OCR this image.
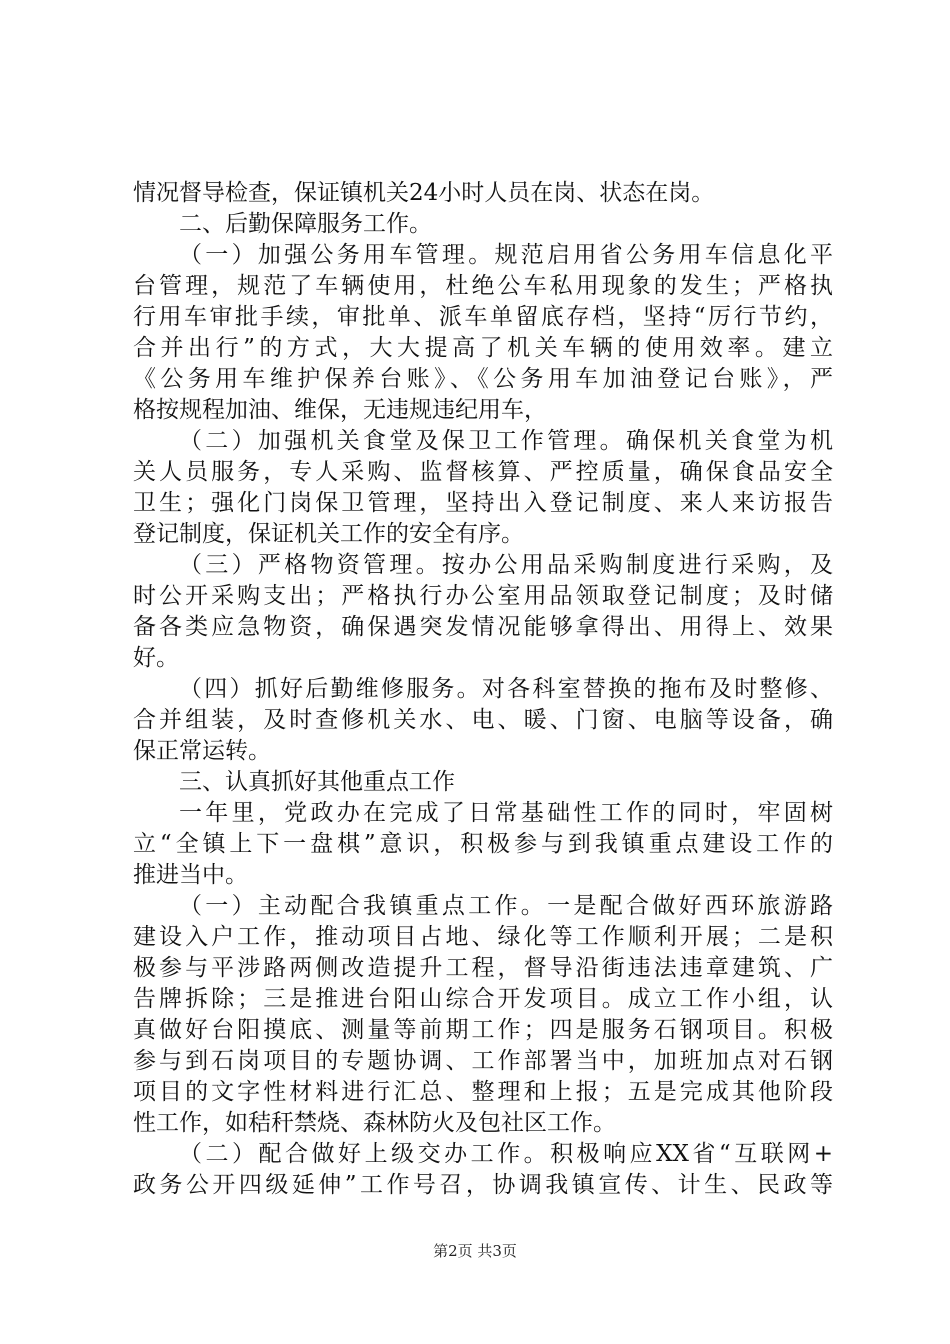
情况督导检查，保证镇机关24小时人员在岗、状态在岗。
二、后勤保障服务工作。
（一）加强公务用车管理。规范启用省公务用车信息化平
台管理，规范了车辆使用，杜绝公车私用现象的发生；严格执
行用车审批手续，审批单、派车单留底存档，坚持“厉行节约，
合并出行”的方式，大大提高了机关车辆的使用效率。建立
《公务用车维护保养台账》、《公务用车加油登记台账》，严
格按规程加油、维保，无违规违纪用车，
（二）加强机关食堂及保卫工作管理。确保机关食堂为机
关人员服务，专人采购、监督核算、严控质量，确保食品安全
卫生；强化门岗保卫管理，坚持出入登记制度、来人来访报告
登记制度，保证机关工作的安全有序。
（三）严格物资管理。按办公用品采购制度进行采购，及
时公开采购支出；严格执行办公室用品领取登记制度；及时储
备各类应急物资，确保遇突发情况能够拿得出、用得上、效果
好。
（四）抓好后勤维修服务。对各科室替换的拖布及时整修、
合并组装，及时查修机关水、电、暖、门窗、电脑等设备，确
保正常运转。
三、认真抓好其他重点工作
一年里，党政办在完成了日常基础性工作的同时，牢固树
立“全镇上下一盘棋”意识，积极参与到我镇重点建设工作的
推进当中。
（一）主动配合我镇重点工作。一是配合做好西环旅游路
建设入户工作，推动项目占地、绿化等工作顺利开展；二是积
极参与平涉路两侧改造提升工程，督导沿街违法违章建筑、广
告牌拆除；三是推进台阳山综合开发项目。成立工作小组，认
真做好台阳摸底、测量等前期工作；四是服务石钢项目。积极
参与到石岗项目的专题协调、工作部署当中，加班加点对石钢
项目的文字性材料进行汇总、整理和上报；五是完成其他阶段
性工作，如秸秆禁烧、森林防火及包社区工作。
（二）配合做好上级交办工作。积极响应XX省“互联网+
政务公开四级延伸”工作号召，协调我镇宣传、计生、民政等
第2页 共3页
